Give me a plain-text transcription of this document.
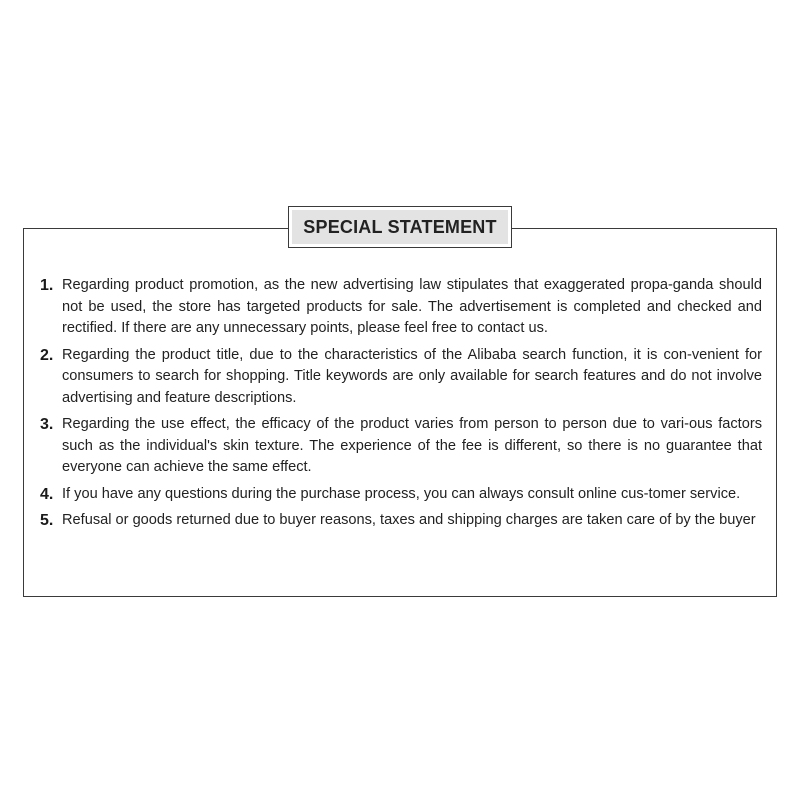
SPECIAL STATEMENT
1. Regarding product promotion, as the new advertising law stipulates that exaggerated propa-ganda should not be used, the store has targeted products for sale. The advertisement is completed and checked and rectified. If there are any unnecessary points, please feel free to contact us.
2. Regarding the product title, due to the characteristics of the Alibaba search function, it is con-venient for consumers to search for shopping. Title keywords are only available for search features and do not involve advertising and feature descriptions.
3. Regarding the use effect, the efficacy of the product varies from person to person due to vari-ous factors such as the individual's skin texture. The experience of the fee is different, so there is no guarantee that everyone can achieve the same effect.
4. If you have any questions during the purchase process, you can always consult online cus-tomer service.
5. Refusal or goods returned due to buyer reasons, taxes and shipping charges are taken care of by the buyer
